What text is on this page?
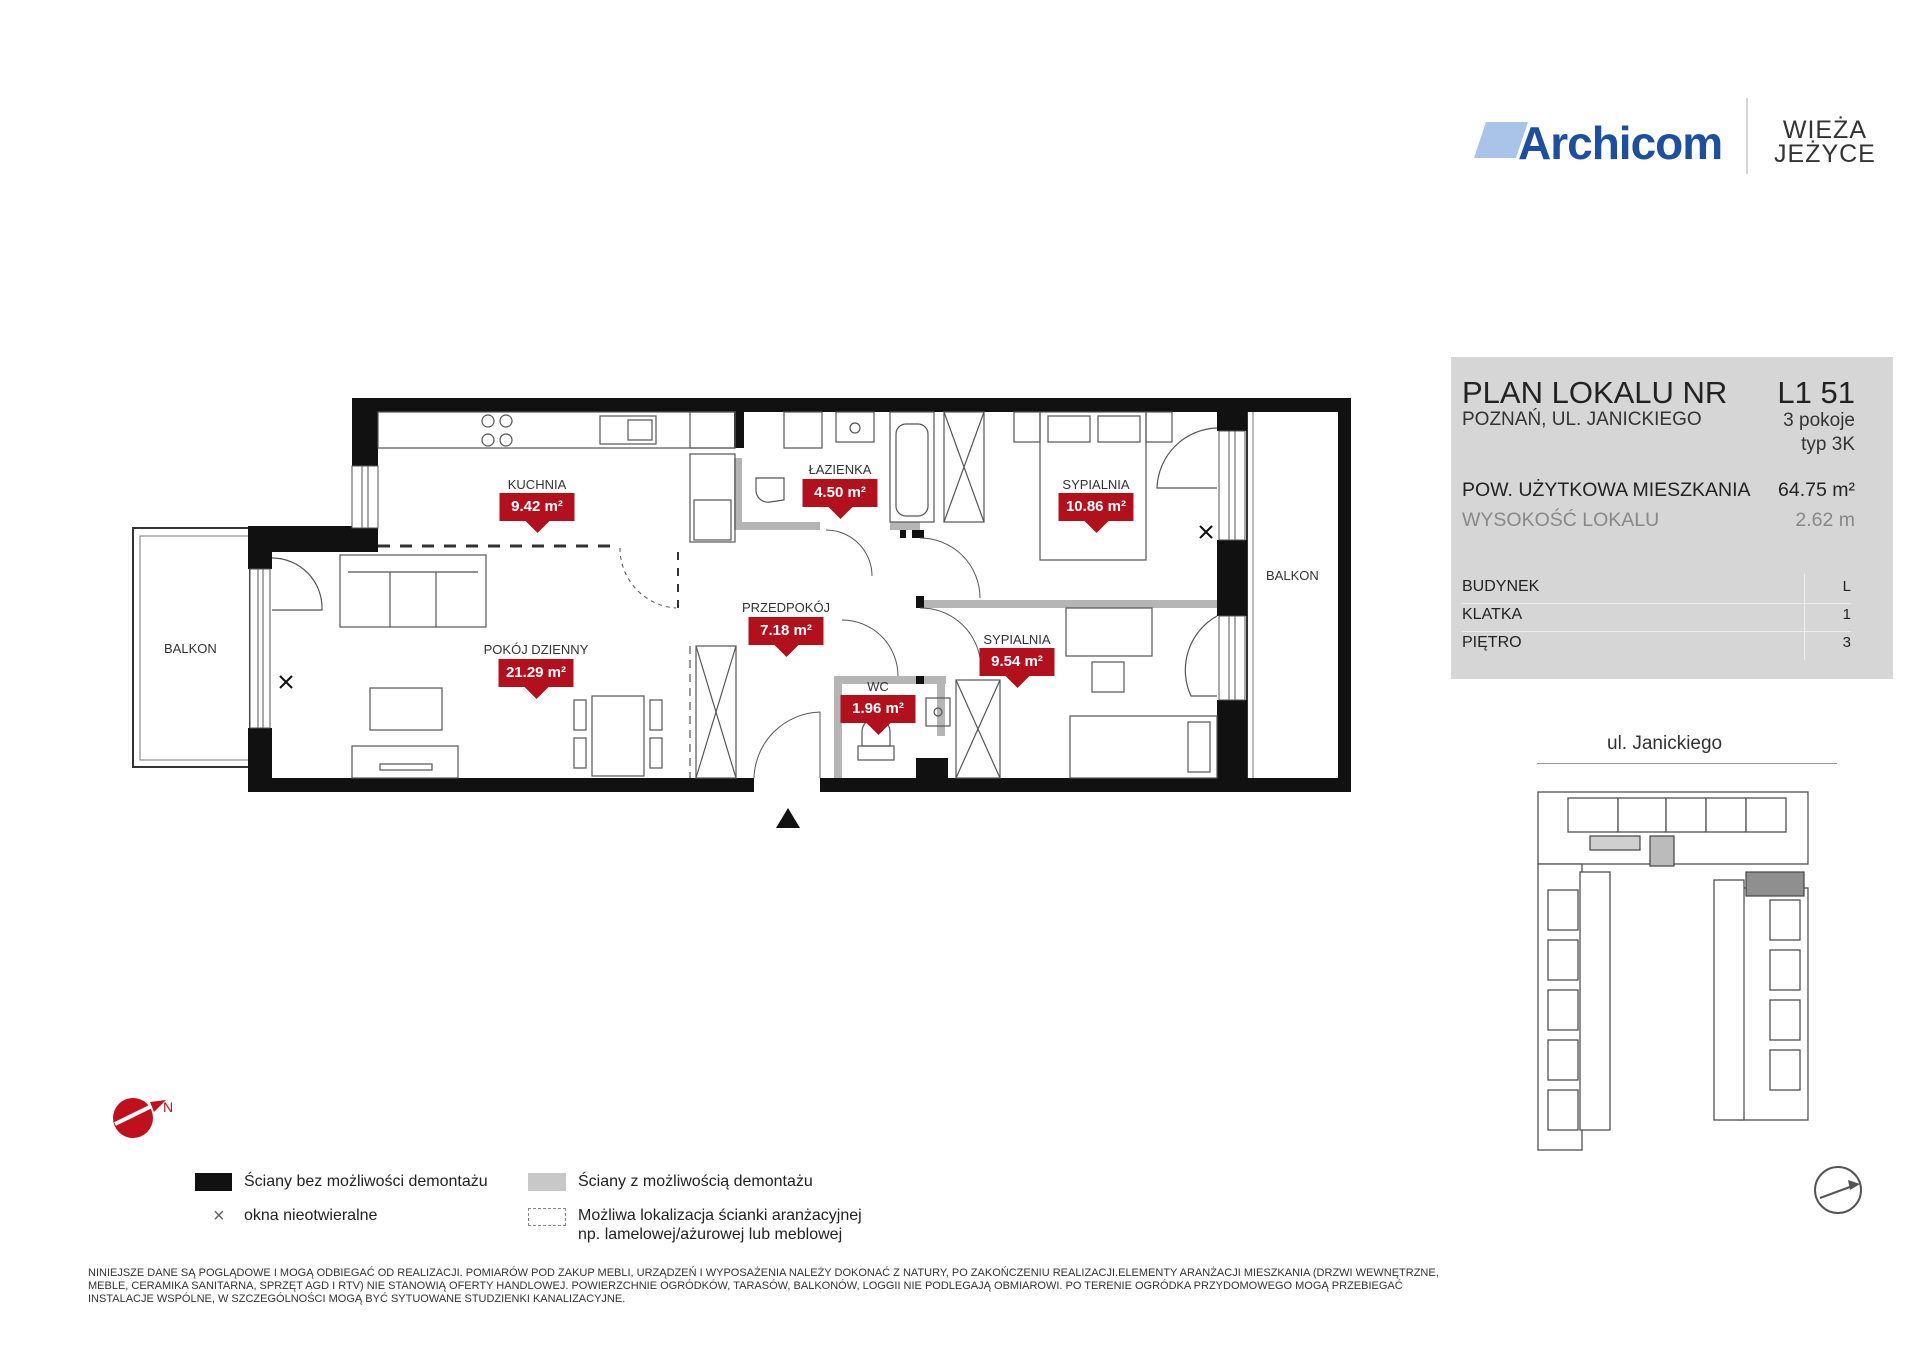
Archicom	WIEŻA
JEŻYCE
N
KUCHNIA
9.42 m²
ŁAZIENKA
4.50 m²	SYPIALNIA
10.86 m²
PRZEDPOKÓJ
7.18 m²
POKÓJ DZIENNY
21.29 m²
WC
1.96 m²
SYPIALNIA
9.54 m²
BALKON
BALKON
PLAN LOKALU NR L1 51
POZNAŃ, UL. JANICKIEGO	3 pokoje
typ 3K
POW. UŻYTKOWA MIESZKANIA 64.75 m²
WYSOKOŚĆ LOKALU	2.62 m
BUDYNEK	L
KLATKA	1
PIĘTRO	3
ul. Janickiego
Ściany bez możliwości demontażu	Ściany z możliwością demontażu
× okna nieotwieralne	Możliwa lokalizacja ścianki aranżacyjnej
np. lamelowej/ażurowej lub meblowej
NINIEJSZE DANE SĄ POGLĄDOWE I MOGĄ ODBIEGAĆ OD REALIZACJI. POMIARÓW POD ZAKUP MEBLI, URZĄDZEŃ I WYPOSAŻENIA NALEŻY DOKONAĆ Z NATURY, PO ZAKOŃCZENIU REALIZACJI.ELEMENTY ARANŻACJI MIESZKANIA (DRZWI WEWNĘTRZNE, MEBLE, CERAMIKA SANITARNA, SPRZĘT AGD I RTV) NIE STANOWIĄ OFERTY HANDLOWEJ. POWIERZCHNIE OGRÓDKÓW, TARASÓW, BALKONÓW, LOGGII NIE PODLEGAJĄ OBMIAROWI. PO TERENIE OGRÓDKA PRZYDOMOWEGO MOGĄ PRZEBIEGAĆ INSTALACJE WSPÓLNE, W SZCZEGÓLNOŚCI MOGĄ BYĆ SYTUOWANE STUDZIENKI KANALIZACYJNE.
